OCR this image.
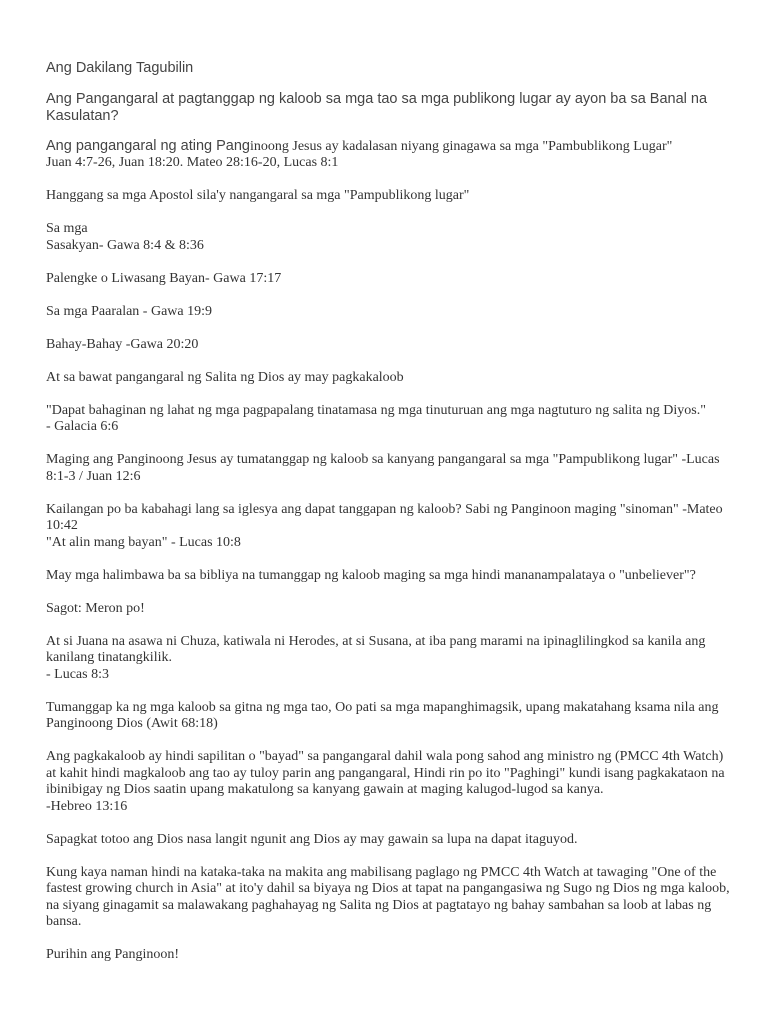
Ang Dakilang Tagubilin
Ang Pangangaral at pagtanggap ng kaloob sa mga tao sa mga publikong lugar ay ayon ba sa Banal na Kasulatan?
Ang pangangaral ng ating Panginoong Jesus ay kadalasan niyang ginagawa sa mga "Pambublikong Lugar"
Juan 4:7-26, Juan 18:20. Mateo 28:16-20, Lucas 8:1
Hanggang sa mga Apostol sila'y nangangaral sa mga "Pampublikong lugar"
Sa mga
Sasakyan- Gawa 8:4 & 8:36
Palengke o Liwasang Bayan- Gawa 17:17
Sa mga Paaralan - Gawa 19:9
Bahay-Bahay -Gawa 20:20
At sa bawat pangangaral ng Salita ng Dios ay may pagkakaloob
"Dapat bahaginan ng lahat ng mga pagpapalang tinatamasa ng mga tinuturuan ang mga nagtuturo ng salita ng Diyos."
- Galacia 6:6
Maging ang Panginoong Jesus ay tumatanggap ng kaloob sa kanyang pangangaral sa mga "Pampublikong lugar" -Lucas 8:1-3 / Juan 12:6
Kailangan po ba kabahagi lang sa iglesya ang dapat tanggapan ng kaloob? Sabi ng Panginoon maging "sinoman" -Mateo 10:42
"At alin mang bayan" - Lucas 10:8
May mga halimbawa ba sa bibliya na tumanggap ng kaloob maging sa mga hindi mananampalataya o "unbeliever"?
Sagot: Meron po!
At si Juana na asawa ni Chuza, katiwala ni Herodes, at si Susana, at iba pang marami na ipinaglilingkod sa kanila ang kanilang tinatangkilik.
- Lucas 8:3
Tumanggap ka ng mga kaloob sa gitna ng mga tao, Oo pati sa mga mapanghimagsik, upang makatahang ksama nila ang Panginoong Dios (Awit 68:18)
Ang pagkakaloob ay hindi sapilitan o "bayad" sa pangangaral dahil wala pong sahod ang ministro ng (PMCC 4th Watch) at kahit hindi magkaloob ang tao ay tuloy parin ang pangangaral, Hindi rin po ito "Paghingi" kundi isang pagkakataon na ibinibigay ng Dios saatin upang makatulong sa kanyang gawain at maging kalugod-lugod sa kanya.
-Hebreo 13:16
Sapagkat totoo ang Dios nasa langit ngunit ang Dios ay may gawain sa lupa na dapat itaguyod.
Kung kaya naman hindi na kataka-taka na makita ang mabilisang paglago ng PMCC 4th Watch at tawaging "One of the fastest growing church in Asia" at ito'y dahil sa biyaya ng Dios at tapat na pangangasiwa ng Sugo ng Dios ng mga kaloob, na siyang ginagamit sa malawakang paghahayag ng Salita ng Dios at pagtatayo ng bahay sambahan sa loob at labas ng bansa.
Purihin ang Panginoon!
